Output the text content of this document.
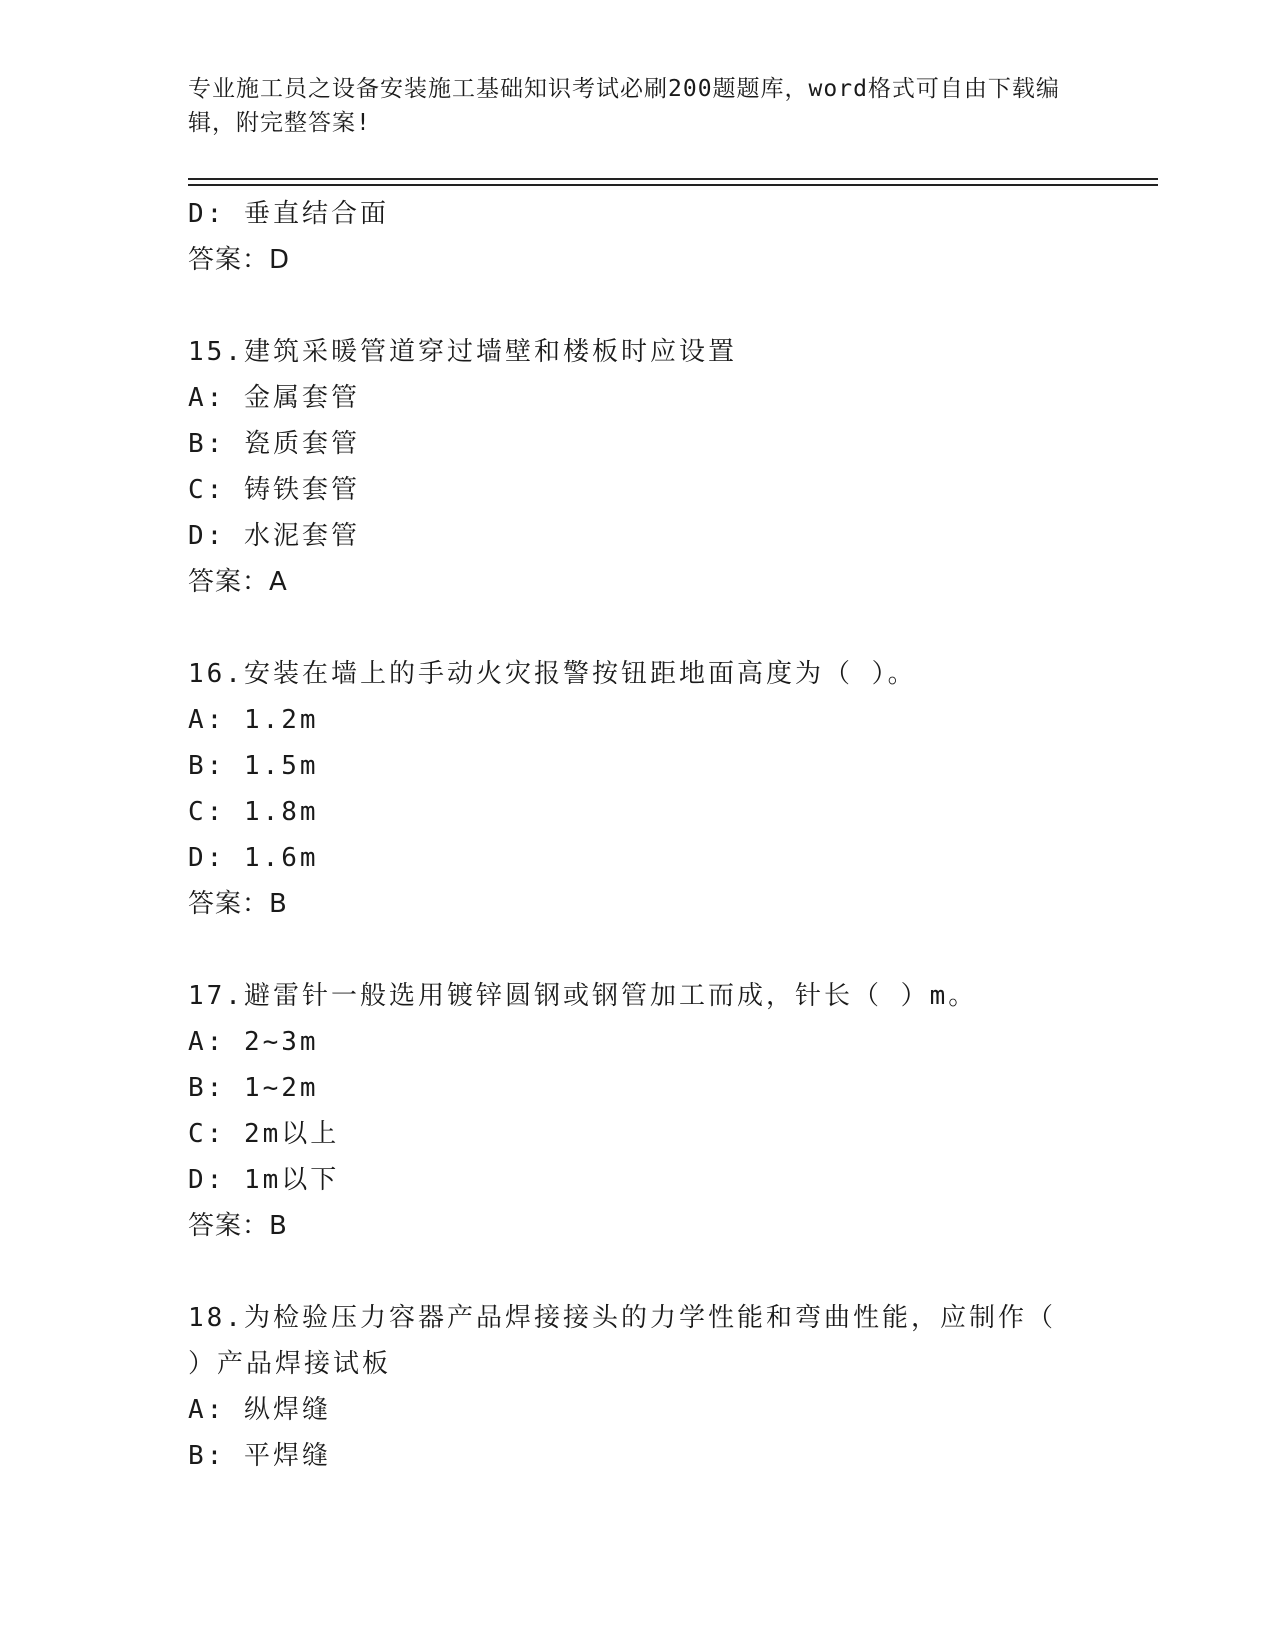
专业施工员之设备安装施工基础知识考试必刷200题题库，word格式可自由下载编辑，附完整答案!
D: 垂直结合面
答案：D
15.建筑采暖管道穿过墙壁和楼板时应设置
A: 金属套管
B: 瓷质套管
C: 铸铁套管
D: 水泥套管
答案：A
16.安装在墙上的手动火灾报警按钮距地面高度为（ ）。
A: 1.2m
B: 1.5m
C: 1.8m
D: 1.6m
答案：B
17.避雷针一般选用镀锌圆钢或钢管加工而成，针长（ ）m。
A: 2~3m
B: 1~2m
C: 2m以上
D: 1m以下
答案：B
18.为检验压力容器产品焊接接头的力学性能和弯曲性能，应制作（ ）产品焊接试板
A: 纵焊缝
B: 平焊缝
